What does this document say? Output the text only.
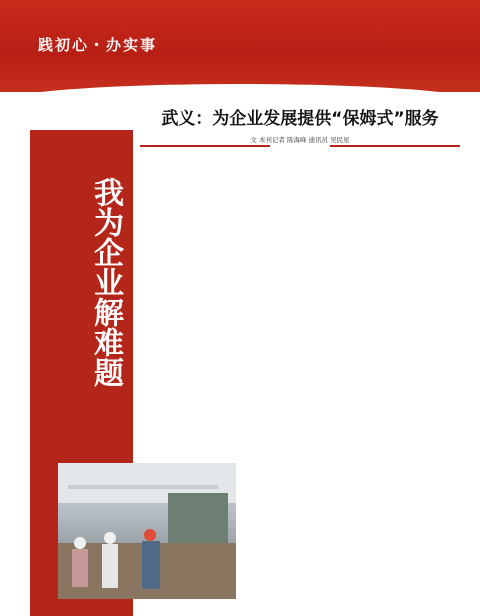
践初心・办实事
我为企业解难题
武义：为企业发展提供“保姆式”服务
文 本刊记者 陈海峰 通讯员 吴民星
